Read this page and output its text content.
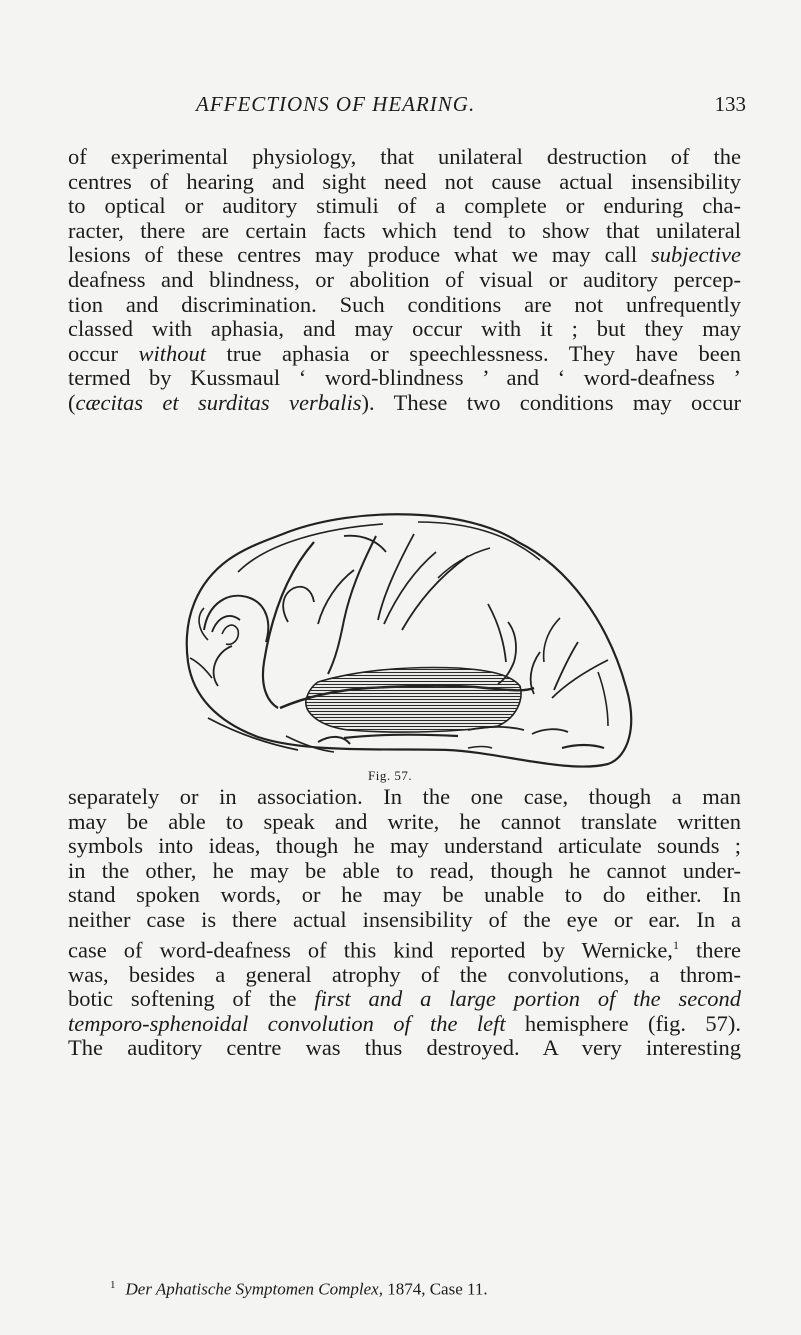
AFFECTIONS OF HEARING.	133
of experimental physiology, that unilateral destruction of the
centres of hearing and sight need not cause actual insensibility
to optical or auditory stimuli of a complete or enduring cha-
racter, there are certain facts which tend to show that unilateral
lesions of these centres may produce what we may call subjective
deafness and blindness, or abolition of visual or auditory percep-
tion and discrimination. Such conditions are not unfrequently
classed with aphasia, and may occur with it ; but they may
occur without true aphasia or speechlessness. They have been
termed by Kussmaul ‘ word-blindness ’ and ‘ word-deafness ’
(cæcitas et surditas verbalis). These two conditions may occur
Fig. 57.
separately or in association. In the one case, though a man
may be able to speak and write, he cannot translate written
symbols into ideas, though he may understand articulate sounds ;
in the other, he may be able to read, though he cannot under-
stand spoken words, or he may be unable to do either. In
neither case is there actual insensibility of the eye or ear. In a
case of word-deafness of this kind reported by Wernicke,$^1$ there
was, besides a general atrophy of the convolutions, a throm-
botic softening of the first and a large portion of the second
temporo-sphenoidal convolution of the left hemisphere (fig. 57).
The auditory centre was thus destroyed. A very interesting
$^1$ Der Aphatische Symptomen Complex, 1874, Case 11.
